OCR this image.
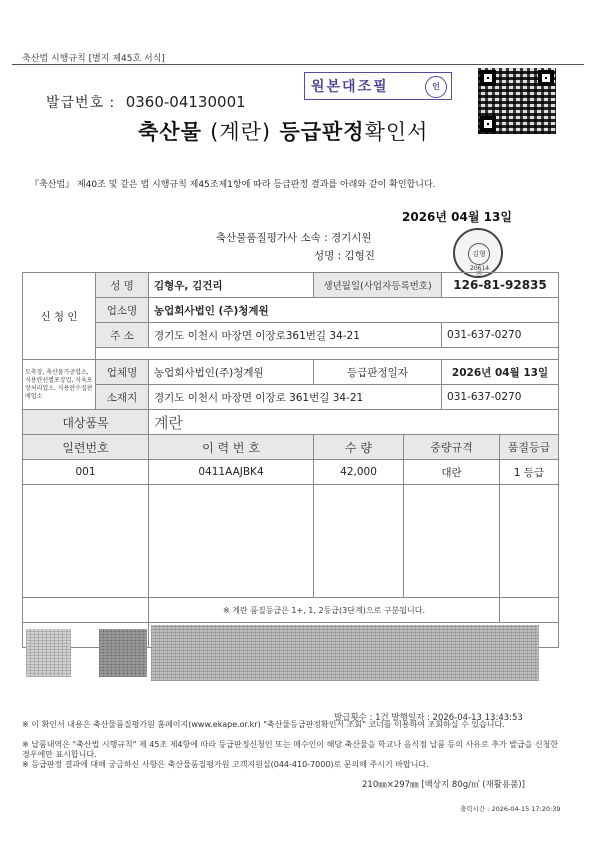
축산법 시행규칙 [별지 제45호 서식]
원본대조필	인
발급번호 : 0360-04130001
축산물 (계란) 등급판정확인서
『축산법』 제40조 및 같은 법 시행규칙 제45조제1항에 따라 등급판정 결과를 아래와 같이 확인합니다.
2026년 04월 13일
축산물품질평가사 소속 : 경기시원
성명 : 김형진	김형진
20614
신 청 인	성 명	김형우, 김건리	생년월일(사업자등록번호)		126-81-92835	
	업소명	농업회사법인 (주)청계원				
	주 소	경기도 이천시 마장면 이장로361번길 34-21			031-637-0270	

도축장, 축산물가공업소, 식용란선별포장업, 식육포장처리업소, 식용란수집판매업소	업체명	농업회사법인(주)청계원	등급판정일자		2026년 04월 13일	
	소재지	경기도 이천시 마장면 이장로 361번길 34-21			031-637-0270	
대상품목		계란				
일련번호		이 력 번 호	수 량	중량규격		품질등급
001		0411AAJBK4	42,000	대란		1 등급

		※ 계란 품질등급은 1+, 1, 2등급(3단계)으로 구분됩니다.				

발급횟수 : 1건 발행일자 : 2026-04-13 13:43:53
※ 이 확인서 내용은 축산물품질평가원 홈페이지(www.ekape.or.kr) "축산물등급판정확인서 조회" 코너를 이용하여 조회하실 수 있습니다.
※ 납품내역은 "축산법 시행규칙" 제 45조 제4항에 따라 등급판정신청인 또는 매수인이 해당 축산물을 학교나 음식점 납품 등의 사유로 추가 발급을 신청한 경우에만 표시합니다.
※ 등급판정 결과에 대해 궁금하신 사항은 축산물품질평가원 고객지원실(044-410-7000)로 문의해 주시기 바랍니다.
210㎜×297㎜ [백상지 80g/㎡ (재활용품)]
출력시간 : 2026-04-15 17:20:39
